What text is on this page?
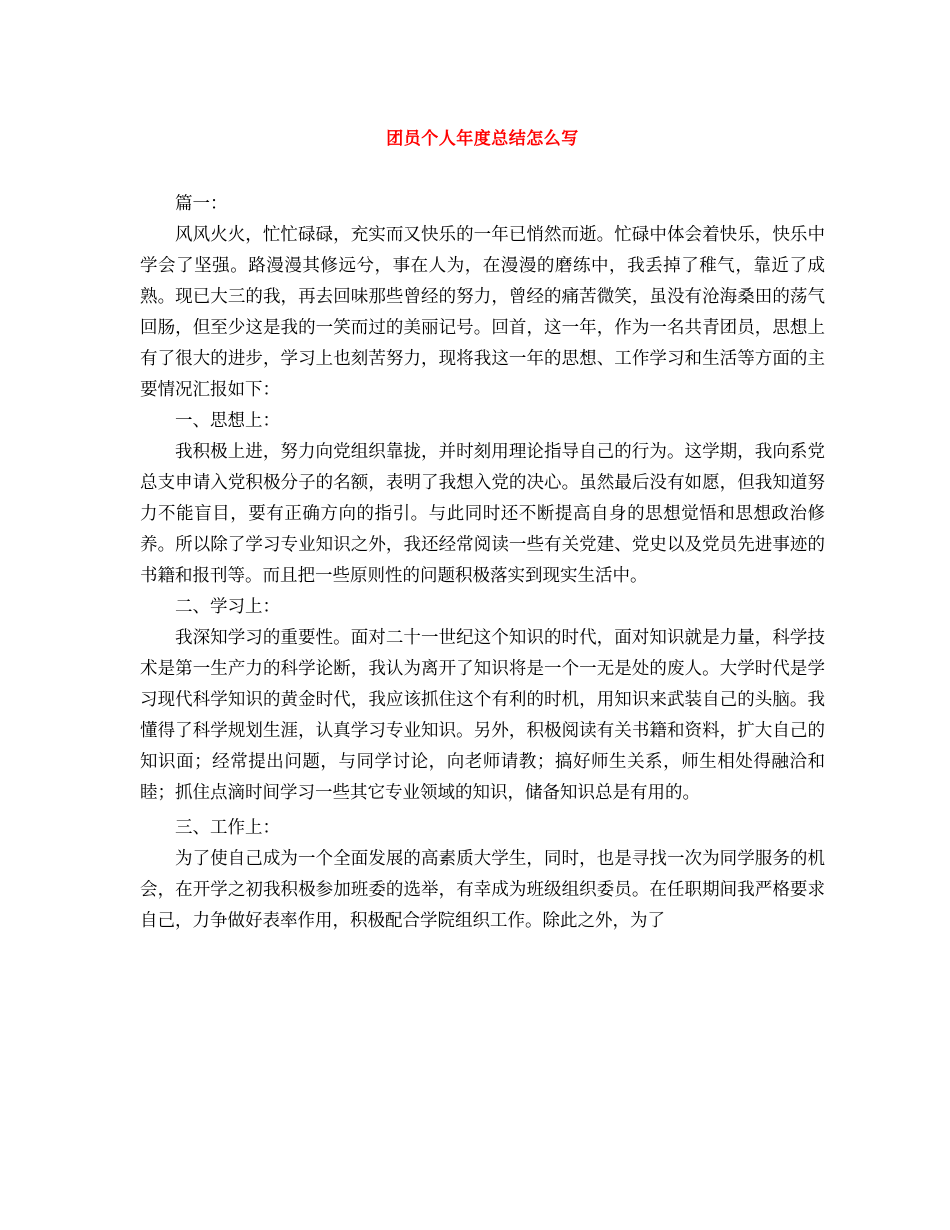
团员个人年度总结怎么写

篇一：

风风火火，忙忙碌碌，充实而又快乐的一年已悄然而逝。忙碌中体会着快乐，快乐中学会了坚强。路漫漫其修远兮，事在人为，在漫漫的磨练中，我丢掉了稚气，靠近了成熟。现已大三的我，再去回味那些曾经的努力，曾经的痛苦微笑，虽没有沧海桑田的荡气回肠，但至少这是我的一笑而过的美丽记号。回首，这一年，作为一名共青团员，思想上有了很大的进步，学习上也刻苦努力，现将我这一年的思想、工作学习和生活等方面的主要情况汇报如下：

一、思想上：

我积极上进，努力向党组织靠拢，并时刻用理论指导自己的行为。这学期，我向系党总支申请入党积极分子的名额，表明了我想入党的决心。虽然最后没有如愿，但我知道努力不能盲目，要有正确方向的指引。与此同时还不断提高自身的思想觉悟和思想政治修养。所以除了学习专业知识之外，我还经常阅读一些有关党建、党史以及党员先进事迹的书籍和报刊等。而且把一些原则性的问题积极落实到现实生活中。

二、学习上：

我深知学习的重要性。面对二十一世纪这个知识的时代，面对知识就是力量，科学技术是第一生产力的科学论断，我认为离开了知识将是一个一无是处的废人。大学时代是学习现代科学知识的黄金时代，我应该抓住这个有利的时机，用知识来武装自己的头脑。我懂得了科学规划生涯，认真学习专业知识。另外，积极阅读有关书籍和资料，扩大自己的知识面；经常提出问题，与同学讨论，向老师请教；搞好师生关系，师生相处得融洽和睦；抓住点滴时间学习一些其它专业领域的知识，储备知识总是有用的。

三、工作上：

为了使自己成为一个全面发展的高素质大学生，同时，也是寻找一次为同学服务的机会，在开学之初我积极参加班委的选举，有幸成为班级组织委员。在任职期间我严格要求自己，力争做好表率作用，积极配合学院组织工作。除此之外，为了
